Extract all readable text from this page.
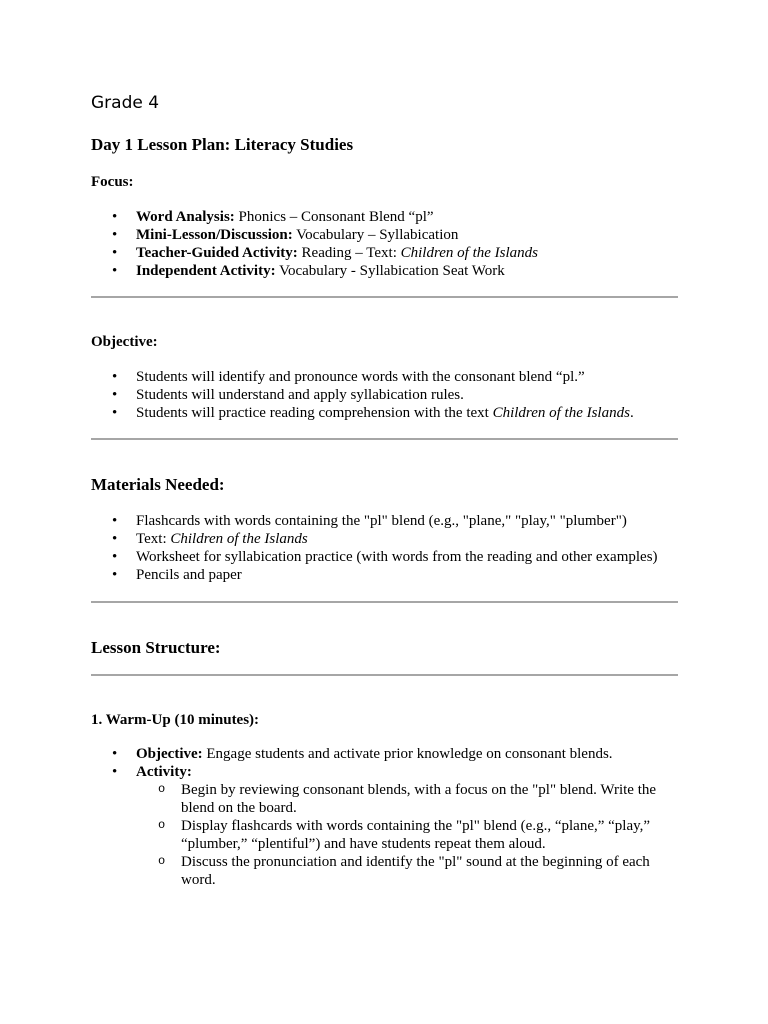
Grade 4
Day 1 Lesson Plan: Literacy Studies
Focus:
• Word Analysis: Phonics – Consonant Blend “pl”
• Mini-Lesson/Discussion: Vocabulary – Syllabication
• Teacher-Guided Activity: Reading – Text: Children of the Islands
• Independent Activity: Vocabulary - Syllabication Seat Work
Objective:
• Students will identify and pronounce words with the consonant blend “pl.”
• Students will understand and apply syllabication rules.
• Students will practice reading comprehension with the text Children of the Islands.
Materials Needed:
• Flashcards with words containing the "pl" blend (e.g., "plane," "play," "plumber")
• Text: Children of the Islands
• Worksheet for syllabication practice (with words from the reading and other examples)
• Pencils and paper
Lesson Structure:
1. Warm-Up (10 minutes):
• Objective: Engage students and activate prior knowledge on consonant blends.
• Activity:
o Begin by reviewing consonant blends, with a focus on the "pl" blend. Write the blend on the board.
o Display flashcards with words containing the "pl" blend (e.g., “plane,” “play,” “plumber,” “plentiful”) and have students repeat them aloud.
o Discuss the pronunciation and identify the "pl" sound at the beginning of each word.
